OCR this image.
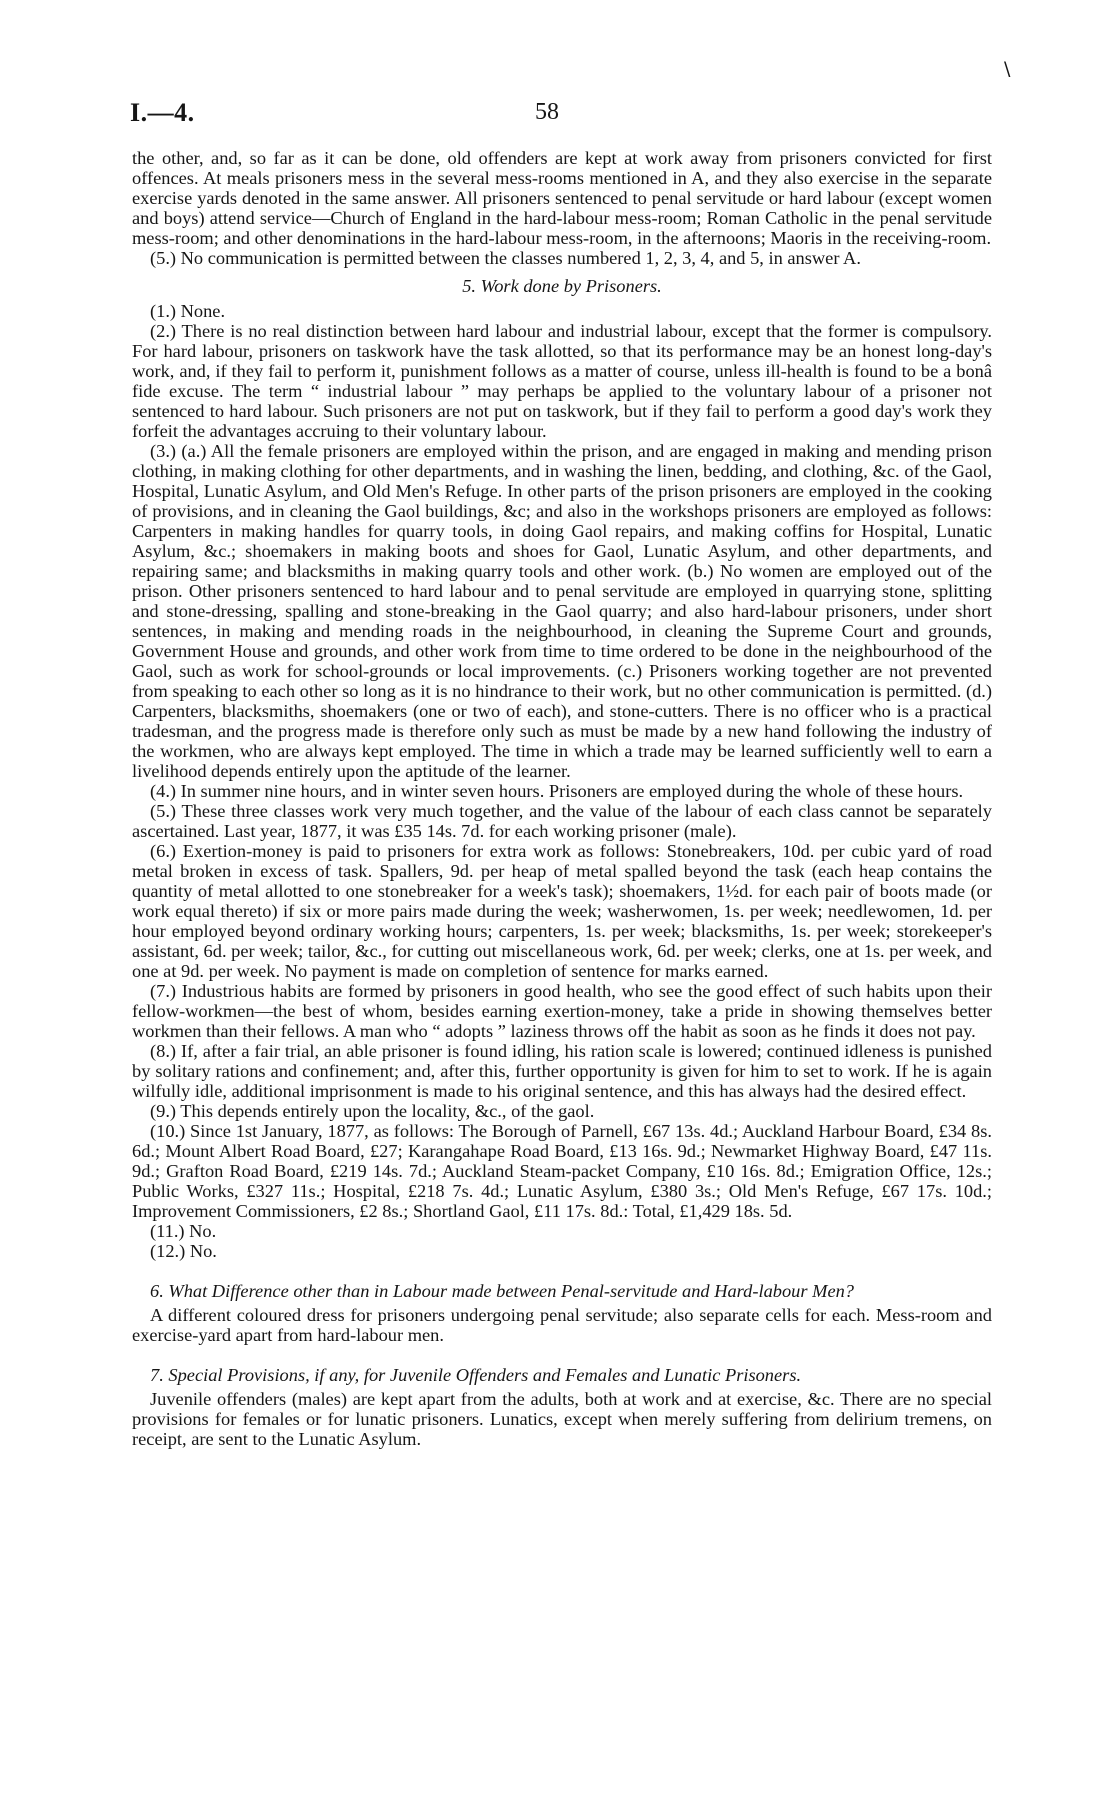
\
I.—4.	58

the other, and, so far as it can be done, old offenders are kept at work away from prisoners convicted for first offences. At meals prisoners mess in the several mess-rooms mentioned in A, and they also exercise in the separate exercise yards denoted in the same answer. All prisoners sentenced to penal servitude or hard labour (except women and boys) attend service—Church of England in the hard-labour mess-room; Roman Catholic in the penal servitude mess-room; and other denominations in the hard-labour mess-room, in the afternoons; Maoris in the receiving-room.

(5.) No communication is permitted between the classes numbered 1, 2, 3, 4, and 5, in answer A.

5. Work done by Prisoners.

(1.) None.

(2.) There is no real distinction between hard labour and industrial labour, except that the former is compulsory. For hard labour, prisoners on taskwork have the task allotted, so that its performance may be an honest long-day's work, and, if they fail to perform it, punishment follows as a matter of course, unless ill-health is found to be a bonâ fide excuse. The term “ industrial labour ” may perhaps be applied to the voluntary labour of a prisoner not sentenced to hard labour. Such prisoners are not put on taskwork, but if they fail to perform a good day's work they forfeit the advantages accruing to their voluntary labour.

(3.) (a.) All the female prisoners are employed within the prison, and are engaged in making and mending prison clothing, in making clothing for other departments, and in washing the linen, bedding, and clothing, &c. of the Gaol, Hospital, Lunatic Asylum, and Old Men's Refuge. In other parts of the prison prisoners are employed in the cooking of provisions, and in cleaning the Gaol buildings, &c; and also in the workshops prisoners are employed as follows: Carpenters in making handles for quarry tools, in doing Gaol repairs, and making coffins for Hospital, Lunatic Asylum, &c.; shoemakers in making boots and shoes for Gaol, Lunatic Asylum, and other departments, and repairing same; and blacksmiths in making quarry tools and other work. (b.) No women are employed out of the prison. Other prisoners sentenced to hard labour and to penal servitude are employed in quarrying stone, splitting and stone-dressing, spalling and stone-breaking in the Gaol quarry; and also hard-labour prisoners, under short sentences, in making and mending roads in the neighbourhood, in cleaning the Supreme Court and grounds, Government House and grounds, and other work from time to time ordered to be done in the neighbourhood of the Gaol, such as work for school-grounds or local improvements. (c.) Prisoners working together are not prevented from speaking to each other so long as it is no hindrance to their work, but no other communication is permitted. (d.) Carpenters, blacksmiths, shoemakers (one or two of each), and stone-cutters. There is no officer who is a practical tradesman, and the progress made is therefore only such as must be made by a new hand following the industry of the workmen, who are always kept employed. The time in which a trade may be learned sufficiently well to earn a livelihood depends entirely upon the aptitude of the learner.

(4.) In summer nine hours, and in winter seven hours. Prisoners are employed during the whole of these hours.

(5.) These three classes work very much together, and the value of the labour of each class cannot be separately ascertained. Last year, 1877, it was £35 14s. 7d. for each working prisoner (male).

(6.) Exertion-money is paid to prisoners for extra work as follows: Stonebreakers, 10d. per cubic yard of road metal broken in excess of task. Spallers, 9d. per heap of metal spalled beyond the task (each heap contains the quantity of metal allotted to one stonebreaker for a week's task); shoemakers, 1½d. for each pair of boots made (or work equal thereto) if six or more pairs made during the week; washerwomen, 1s. per week; needlewomen, 1d. per hour employed beyond ordinary working hours; carpenters, 1s. per week; blacksmiths, 1s. per week; storekeeper's assistant, 6d. per week; tailor, &c., for cutting out miscellaneous work, 6d. per week; clerks, one at 1s. per week, and one at 9d. per week. No payment is made on completion of sentence for marks earned.

(7.) Industrious habits are formed by prisoners in good health, who see the good effect of such habits upon their fellow-workmen—the best of whom, besides earning exertion-money, take a pride in showing themselves better workmen than their fellows. A man who “ adopts ” laziness throws off the habit as soon as he finds it does not pay.

(8.) If, after a fair trial, an able prisoner is found idling, his ration scale is lowered; continued idleness is punished by solitary rations and confinement; and, after this, further opportunity is given for him to set to work. If he is again wilfully idle, additional imprisonment is made to his original sentence, and this has always had the desired effect.

(9.) This depends entirely upon the locality, &c., of the gaol.

(10.) Since 1st January, 1877, as follows: The Borough of Parnell, £67 13s. 4d.; Auckland Harbour Board, £34 8s. 6d.; Mount Albert Road Board, £27; Karangahape Road Board, £13 16s. 9d.; Newmarket Highway Board, £47 11s. 9d.; Grafton Road Board, £219 14s. 7d.; Auckland Steam-packet Company, £10 16s. 8d.; Emigration Office, 12s.; Public Works, £327 11s.; Hospital, £218 7s. 4d.; Lunatic Asylum, £380 3s.; Old Men's Refuge, £67 17s. 10d.; Improvement Commissioners, £2 8s.; Shortland Gaol, £11 17s. 8d.: Total, £1,429 18s. 5d.

(11.) No.

(12.) No.

6. What Difference other than in Labour made between Penal-servitude and Hard-labour Men?

A different coloured dress for prisoners undergoing penal servitude; also separate cells for each. Mess-room and exercise-yard apart from hard-labour men.

7. Special Provisions, if any, for Juvenile Offenders and Females and Lunatic Prisoners.

Juvenile offenders (males) are kept apart from the adults, both at work and at exercise, &c. There are no special provisions for females or for lunatic prisoners. Lunatics, except when merely suffering from delirium tremens, on receipt, are sent to the Lunatic Asylum.
